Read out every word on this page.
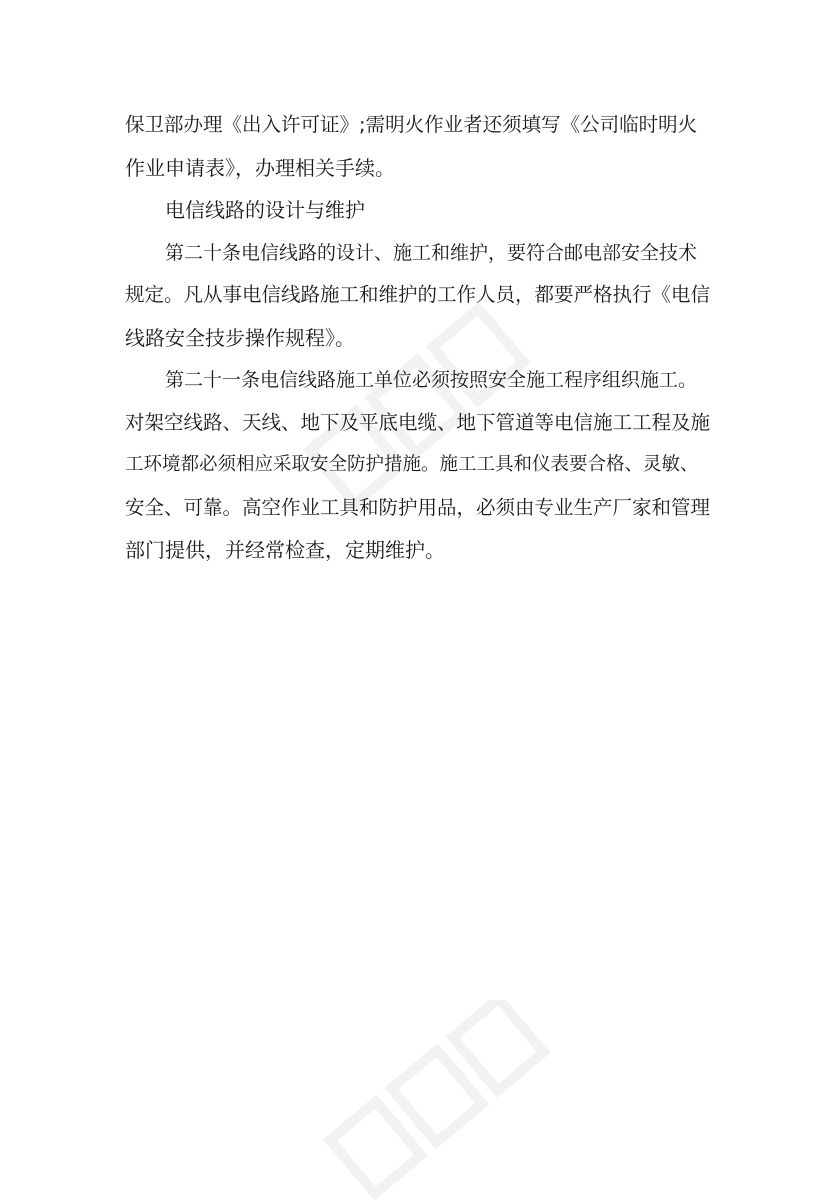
保卫部办理《出入许可证》;需明火作业者还须填写《公司临时明火
作业申请表》，办理相关手续。
电信线路的设计与维护
第二十条电信线路的设计、施工和维护，要符合邮电部安全技术
规定。凡从事电信线路施工和维护的工作人员，都要严格执行《电信
线路安全技步操作规程》。
第二十一条电信线路施工单位必须按照安全施工程序组织施工。
对架空线路、天线、地下及平底电缆、地下管道等电信施工工程及施
工环境都必须相应采取安全防护措施。施工工具和仪表要合格、灵敏、
安全、可靠。高空作业工具和防护用品，必须由专业生产厂家和管理
部门提供，并经常检查，定期维护。
